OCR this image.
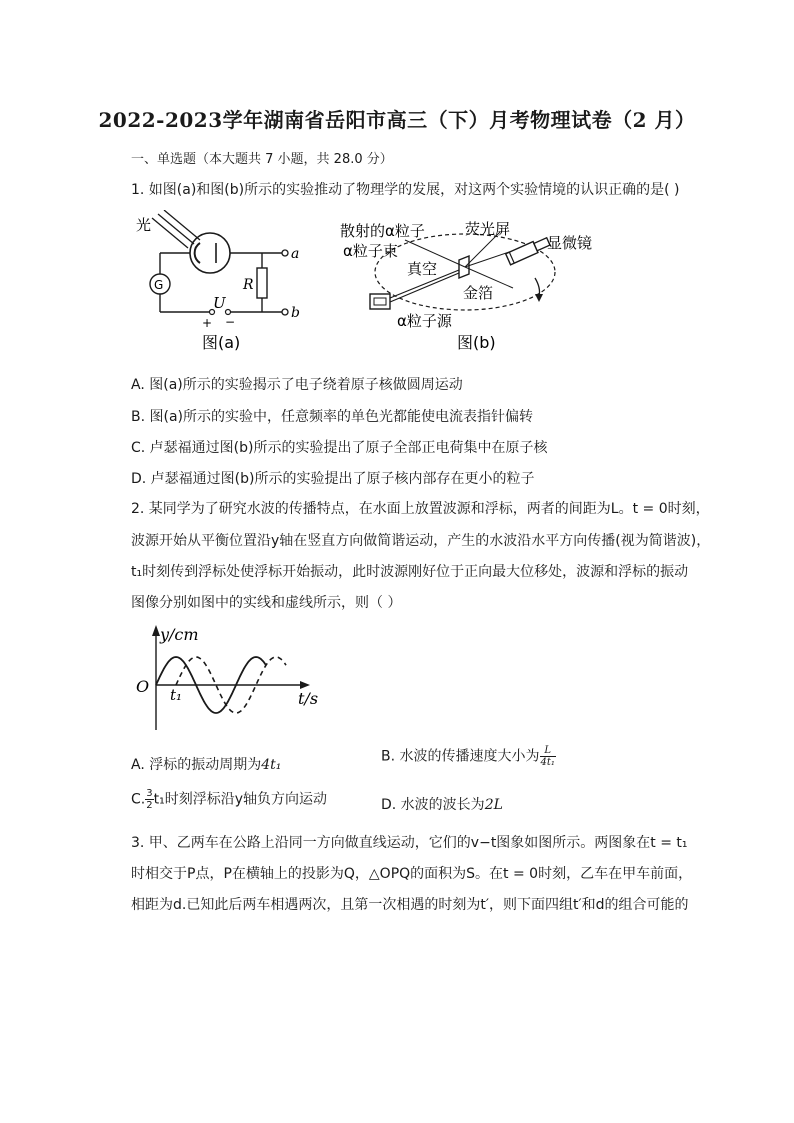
2022-2023学年湖南省岳阳市高三（下）月考物理试卷（2 月）
一、单选题（本大题共 7 小题，共 28.0 分）
1. 如图(a)和图(b)所示的实验推动了物理学的发展，对这两个实验情境的认识正确的是( )
光
G
a
R
b
U
+ −
图(a)
散射的α粒子	荧光屏
显微镜
α粒子束
真空
金箔
α粒子源
图(b)
A. 图(a)所示的实验揭示了电子绕着原子核做圆周运动
B. 图(a)所示的实验中，任意频率的单色光都能使电流表指针偏转
C. 卢瑟福通过图(b)所示的实验提出了原子全部正电荷集中在原子核
D. 卢瑟福通过图(b)所示的实验提出了原子核内部存在更小的粒子
2. 某同学为了研究水波的传播特点，在水面上放置波源和浮标，两者的间距为L。t = 0时刻，
波源开始从平衡位置沿y轴在竖直方向做简谐运动，产生的水波沿水平方向传播(视为简谐波)，
t₁时刻传到浮标处使浮标开始振动，此时波源刚好位于正向最大位移处，波源和浮标的振动
图像分别如图中的实线和虚线所示，则（ ）
y/cm
t/s
O t₁
A. 浮标的振动周期为4t₁
B. 水波的传播速度大小为 $\frac{L}{\text{4t₁}}$
C. $\frac{3}{2} t_1$时刻浮标沿y轴负方向运动	D. 水波的波长为2L
3. 甲、乙两车在公路上沿同一方向做直线运动，它们的v−t图象如图所示。两图象在t = t₁
时相交于P点，P在横轴上的投影为Q，△OPQ的面积为S。在t = 0时刻，乙车在甲车前面，
相距为d.已知此后两车相遇两次，且第一次相遇的时刻为t′，则下面四组t′和d的组合可能的
